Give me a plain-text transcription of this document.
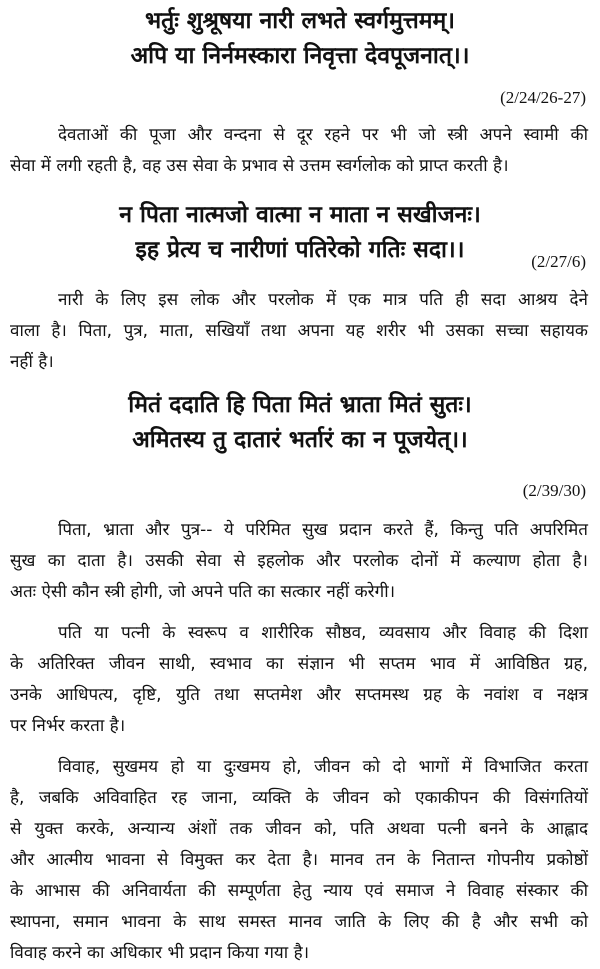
भर्तुः शुश्रूषया नारी लभते स्वर्गमुत्तमम्।
अपि या निर्नमस्कारा निवृत्ता देवपूजनात्।।
(2/24/26-27)
देवताओं की पूजा और वन्दना से दूर रहने पर भी जो स्त्री अपने स्वामी की
सेवा में लगी रहती है, वह उस सेवा के प्रभाव से उत्तम स्वर्गलोक को प्राप्त करती है।
न पिता नात्मजो वात्मा न माता न सखीजनः।
इह प्रेत्य च नारीणां पतिरेको गतिः सदा।।	(2/27/6)
नारी के लिए इस लोक और परलोक में एक मात्र पति ही सदा आश्रय देने
वाला है। पिता, पुत्र, माता, सखियाँ तथा अपना यह शरीर भी उसका सच्चा सहायक
नहीं है।
मितं ददाति हि पिता मितं भ्राता मितं सुतः।
अमितस्य तु दातारं भर्तारं का न पूजयेत्।।
(2/39/30)
पिता, भ्राता और पुत्र-- ये परिमित सुख प्रदान करते हैं, किन्तु पति अपरिमित
सुख का दाता है। उसकी सेवा से इहलोक और परलोक दोनों में कल्याण होता है।
अतः ऐसी कौन स्त्री होगी, जो अपने पति का सत्कार नहीं करेगी।
पति या पत्नी के स्वरूप व शारीरिक सौष्ठव, व्यवसाय और विवाह की दिशा
के अतिरिक्त जीवन साथी, स्वभाव का संज्ञान भी सप्तम भाव में आविष्ठित ग्रह,
उनके आधिपत्य, दृष्टि, युति तथा सप्तमेश और सप्तमस्थ ग्रह के नवांश व नक्षत्र
पर निर्भर करता है।
विवाह, सुखमय हो या दुःखमय हो, जीवन को दो भागों में विभाजित करता
है, जबकि अविवाहित रह जाना, व्यक्ति के जीवन को एकाकीपन की विसंगतियों
से युक्त करके, अन्यान्य अंशों तक जीवन को, पति अथवा पत्नी बनने के आह्लाद
और आत्मीय भावना से विमुक्त कर देता है। मानव तन के नितान्त गोपनीय प्रकोष्ठों
के आभास की अनिवार्यता की सम्पूर्णता हेतु न्याय एवं समाज ने विवाह संस्कार की
स्थापना, समान भावना के साथ समस्त मानव जाति के लिए की है और सभी को
विवाह करने का अधिकार भी प्रदान किया गया है।
